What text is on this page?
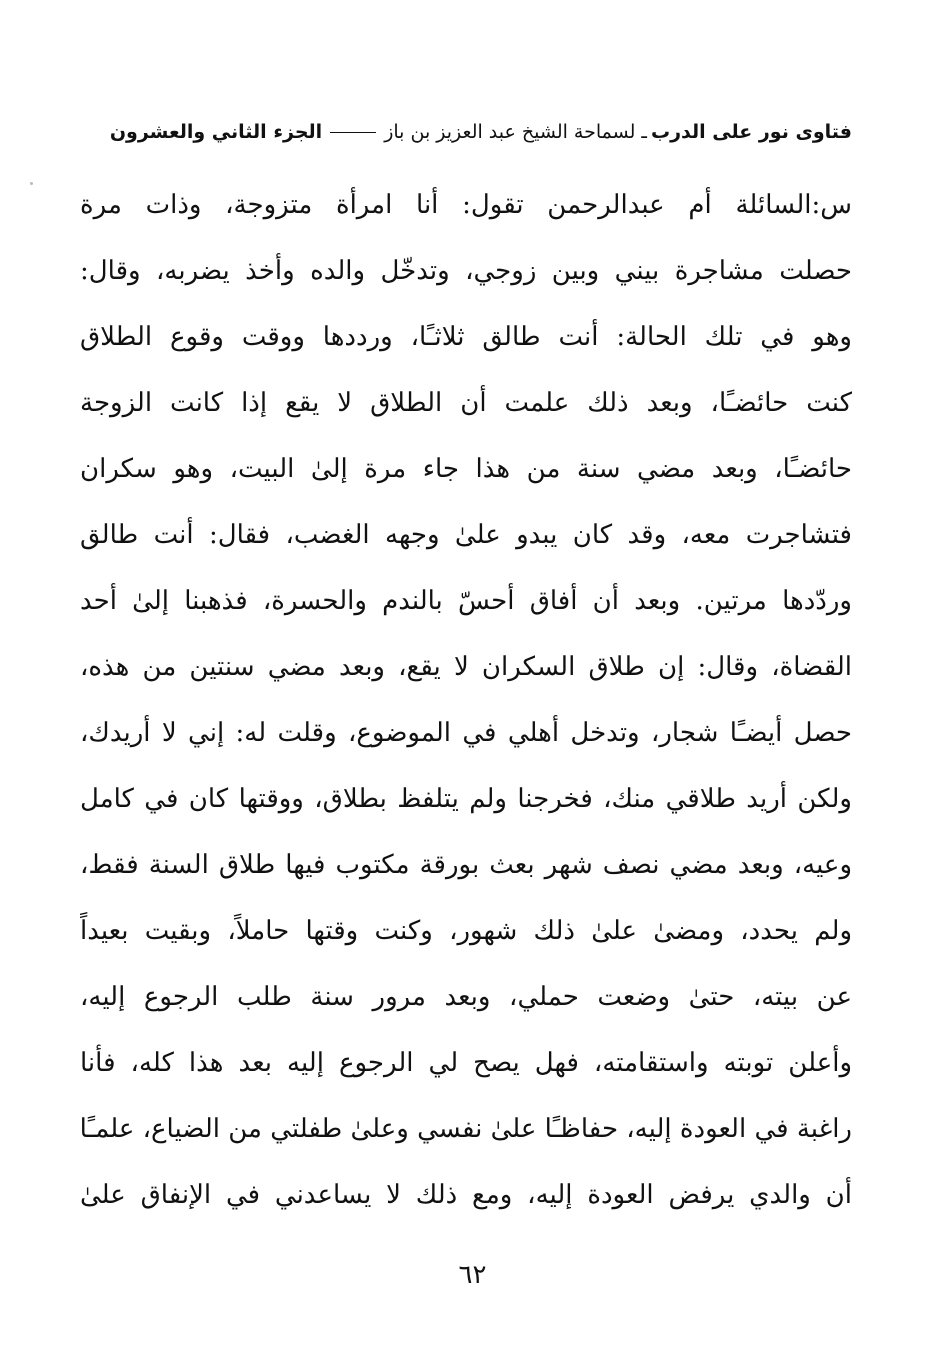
فتاوى نور على الدرب
ـ لسماحة الشيخ عبد العزيز بن باز
الجزء الثاني والعشرون
س:السائلة أم عبدالرحمن تقول: أنا امرأة متزوجة، وذات مرة
حصلت مشاجرة بيني وبين زوجي، وتدخّل والده وأخذ يضربه، وقال:
وهو في تلك الحالة: أنت طالق ثلاثـًا، ورددها ووقت وقوع الطلاق
كنت حائضـًا، وبعد ذلك علمت أن الطلاق لا يقع إذا كانت الزوجة
حائضـًا، وبعد مضي سنة من هذا جاء مرة إلىٰ البيت، وهو سكران
فتشاجرت معه، وقد كان يبدو علىٰ وجهه الغضب، فقال: أنت طالق
وردّدها مرتين. وبعد أن أفاق أحسّ بالندم والحسرة، فذهبنا إلىٰ أحد
القضاة، وقال: إن طلاق السكران لا يقع، وبعد مضي سنتين من هذه،
حصل أيضـًا شجار، وتدخل أهلي في الموضوع، وقلت له: إني لا أريدك،
ولكن أريد طلاقي منك، فخرجنا ولم يتلفظ بطلاق، ووقتها كان في كامل
وعيه، وبعد مضي نصف شهر بعث بورقة مكتوب فيها طلاق السنة فقط،
ولم يحدد، ومضىٰ علىٰ ذلك شهور، وكنت وقتها حاملاً، وبقيت بعيداً
عن بيته، حتىٰ وضعت حملي، وبعد مرور سنة طلب الرجوع إليه،
وأعلن توبته واستقامته، فهل يصح لي الرجوع إليه بعد هذا كله، فأنا
راغبة في العودة إليه، حفاظـًا علىٰ نفسي وعلىٰ طفلتي من الضياع، علمـًا
أن والدي يرفض العودة إليه، ومع ذلك لا يساعدني في الإنفاق علىٰ
٦٢
